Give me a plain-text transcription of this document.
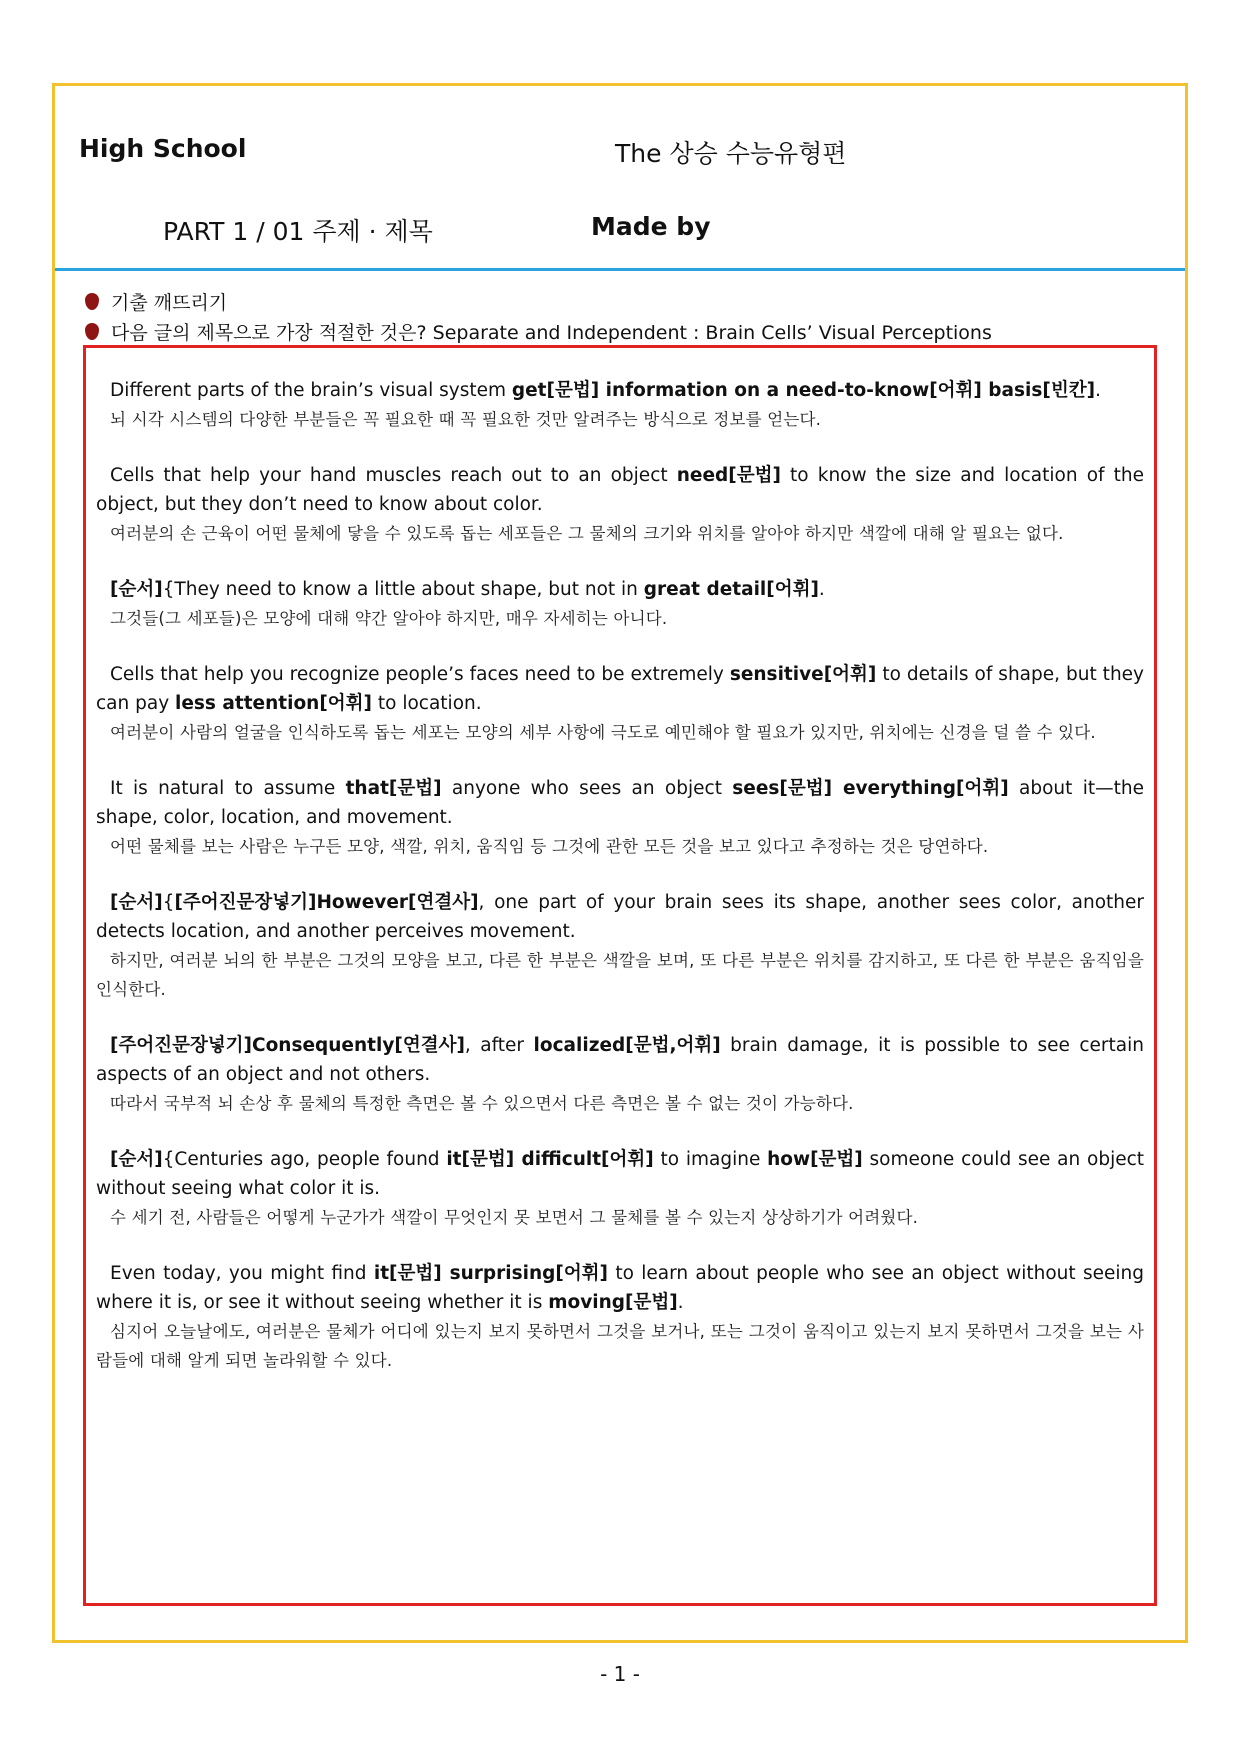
High School	The 상승 수능유형편
PART 1 / 01 주제 · 제목	Made by
기출 깨뜨리기
다음 글의 제목으로 가장 적절한 것은? Separate and Independent : Brain Cells’ Visual Perceptions
Different parts of the brain’s visual system get[문법] information on a need-to-know[어휘] basis[빈칸].
뇌 시각 시스템의 다양한 부분들은 꼭 필요한 때 꼭 필요한 것만 알려주는 방식으로 정보를 얻는다.
Cells that help your hand muscles reach out to an object need[문법] to know the size and location of the object, but they don’t need to know about color.
여러분의 손 근육이 어떤 물체에 닿을 수 있도록 돕는 세포들은 그 물체의 크기와 위치를 알아야 하지만 색깔에 대해 알 필요는 없다.
[순서]{They need to know a little about shape, but not in great detail[어휘].
그것들(그 세포들)은 모양에 대해 약간 알아야 하지만, 매우 자세히는 아니다.
Cells that help you recognize people’s faces need to be extremely sensitive[어휘] to details of shape, but they can pay less attention[어휘] to location.
여러분이 사람의 얼굴을 인식하도록 돕는 세포는 모양의 세부 사항에 극도로 예민해야 할 필요가 있지만, 위치에는 신경을 덜 쓸 수 있다.
It is natural to assume that[문법] anyone who sees an object sees[문법] everything[어휘] about it—the shape, color, location, and movement.
어떤 물체를 보는 사람은 누구든 모양, 색깔, 위치, 움직임 등 그것에 관한 모든 것을 보고 있다고 추정하는 것은 당연하다.
[순서]{[주어진문장넣기]However[연결사], one part of your brain sees its shape, another sees color, another detects location, and another perceives movement.
하지만, 여러분 뇌의 한 부분은 그것의 모양을 보고, 다른 한 부분은 색깔을 보며, 또 다른 부분은 위치를 감지하고, 또 다른 한 부분은 움직임을 인식한다.
[주어진문장넣기]Consequently[연결사], after localized[문법,어휘] brain damage, it is possible to see certain aspects of an object and not others.
따라서 국부적 뇌 손상 후 물체의 특정한 측면은 볼 수 있으면서 다른 측면은 볼 수 없는 것이 가능하다.
[순서]{Centuries ago, people found it[문법] difficult[어휘] to imagine how[문법] someone could see an object without seeing what color it is.
수 세기 전, 사람들은 어떻게 누군가가 색깔이 무엇인지 못 보면서 그 물체를 볼 수 있는지 상상하기가 어려웠다.
Even today, you might find it[문법] surprising[어휘] to learn about people who see an object without seeing where it is, or see it without seeing whether it is moving[문법].
심지어 오늘날에도, 여러분은 물체가 어디에 있는지 보지 못하면서 그것을 보거나, 또는 그것이 움직이고 있는지 보지 못하면서 그것을 보는 사람들에 대해 알게 되면 놀라워할 수 있다.
- 1 -
